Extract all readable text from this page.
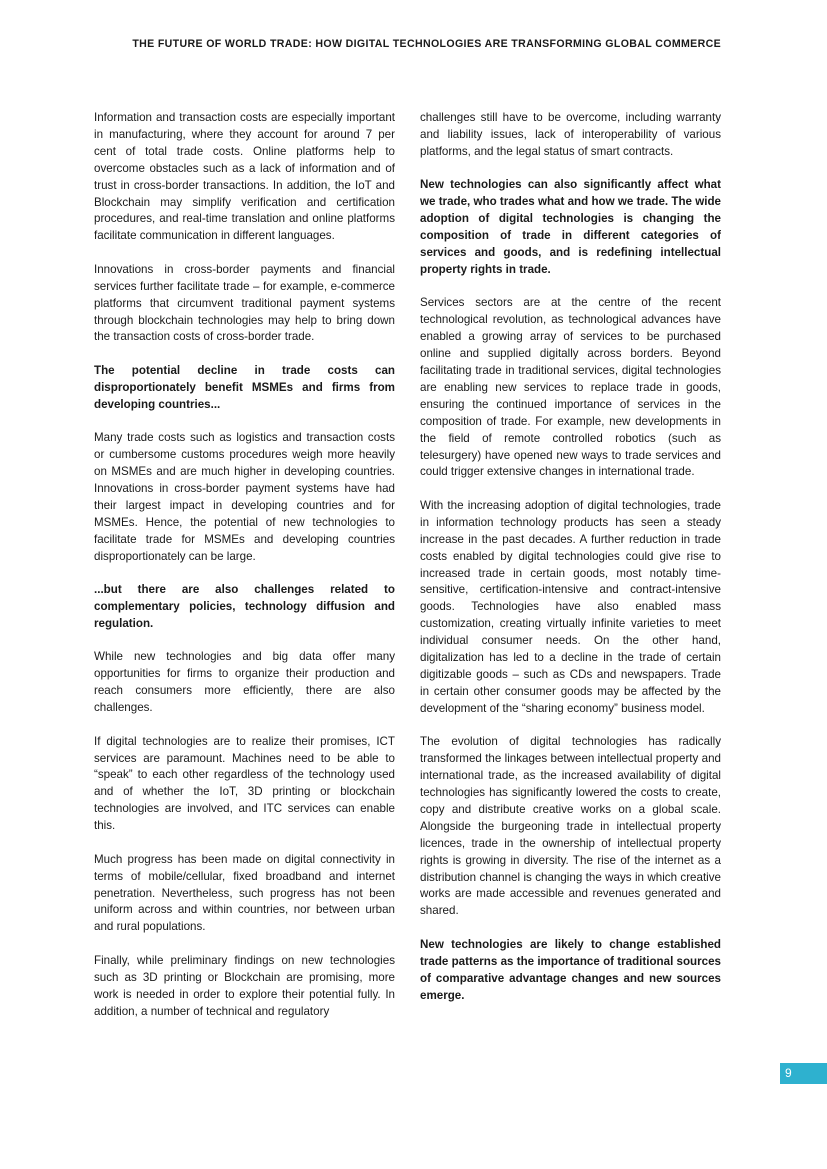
THE FUTURE OF WORLD TRADE: HOW DIGITAL TECHNOLOGIES ARE TRANSFORMING GLOBAL COMMERCE

Information and transaction costs are especially important in manufacturing, where they account for around 7 per cent of total trade costs. Online platforms help to overcome obstacles such as a lack of information and of trust in cross-border transactions. In addition, the IoT and Blockchain may simplify verification and certification procedures, and real-time translation and online platforms facilitate communication in different languages.

Innovations in cross-border payments and financial services further facilitate trade – for example, e-commerce platforms that circumvent traditional payment systems through blockchain technologies may help to bring down the transaction costs of cross-border trade.

The potential decline in trade costs can disproportionately benefit MSMEs and firms from developing countries...

Many trade costs such as logistics and transaction costs or cumbersome customs procedures weigh more heavily on MSMEs and are much higher in developing countries. Innovations in cross-border payment systems have had their largest impact in developing countries and for MSMEs. Hence, the potential of new technologies to facilitate trade for MSMEs and developing countries disproportionately can be large.

...but there are also challenges related to complementary policies, technology diffusion and regulation.

While new technologies and big data offer many opportunities for firms to organize their production and reach consumers more efficiently, there are also challenges.

If digital technologies are to realize their promises, ICT services are paramount. Machines need to be able to “speak” to each other regardless of the technology used and of whether the IoT, 3D printing or blockchain technologies are involved, and ITC services can enable this.

Much progress has been made on digital connectivity in terms of mobile/cellular, fixed broadband and internet penetration. Nevertheless, such progress has not been uniform across and within countries, nor between urban and rural populations.

Finally, while preliminary findings on new technologies such as 3D printing or Blockchain are promising, more work is needed in order to explore their potential fully. In addition, a number of technical and regulatory

challenges still have to be overcome, including warranty and liability issues, lack of interoperability of various platforms, and the legal status of smart contracts.

New technologies can also significantly affect what we trade, who trades what and how we trade. The wide adoption of digital technologies is changing the composition of trade in different categories of services and goods, and is redefining intellectual property rights in trade.

Services sectors are at the centre of the recent technological revolution, as technological advances have enabled a growing array of services to be purchased online and supplied digitally across borders. Beyond facilitating trade in traditional services, digital technologies are enabling new services to replace trade in goods, ensuring the continued importance of services in the composition of trade. For example, new developments in the field of remote controlled robotics (such as telesurgery) have opened new ways to trade services and could trigger extensive changes in international trade.

With the increasing adoption of digital technologies, trade in information technology products has seen a steady increase in the past decades. A further reduction in trade costs enabled by digital technologies could give rise to increased trade in certain goods, most notably time-sensitive, certification-intensive and contract-intensive goods. Technologies have also enabled mass customization, creating virtually infinite varieties to meet individual consumer needs. On the other hand, digitalization has led to a decline in the trade of certain digitizable goods – such as CDs and newspapers. Trade in certain other consumer goods may be affected by the development of the “sharing economy” business model.

The evolution of digital technologies has radically transformed the linkages between intellectual property and international trade, as the increased availability of digital technologies has significantly lowered the costs to create, copy and distribute creative works on a global scale. Alongside the burgeoning trade in intellectual property licences, trade in the ownership of intellectual property rights is growing in diversity. The rise of the internet as a distribution channel is changing the ways in which creative works are made accessible and revenues generated and shared.

New technologies are likely to change established trade patterns as the importance of traditional sources of comparative advantage changes and new sources emerge.

9
